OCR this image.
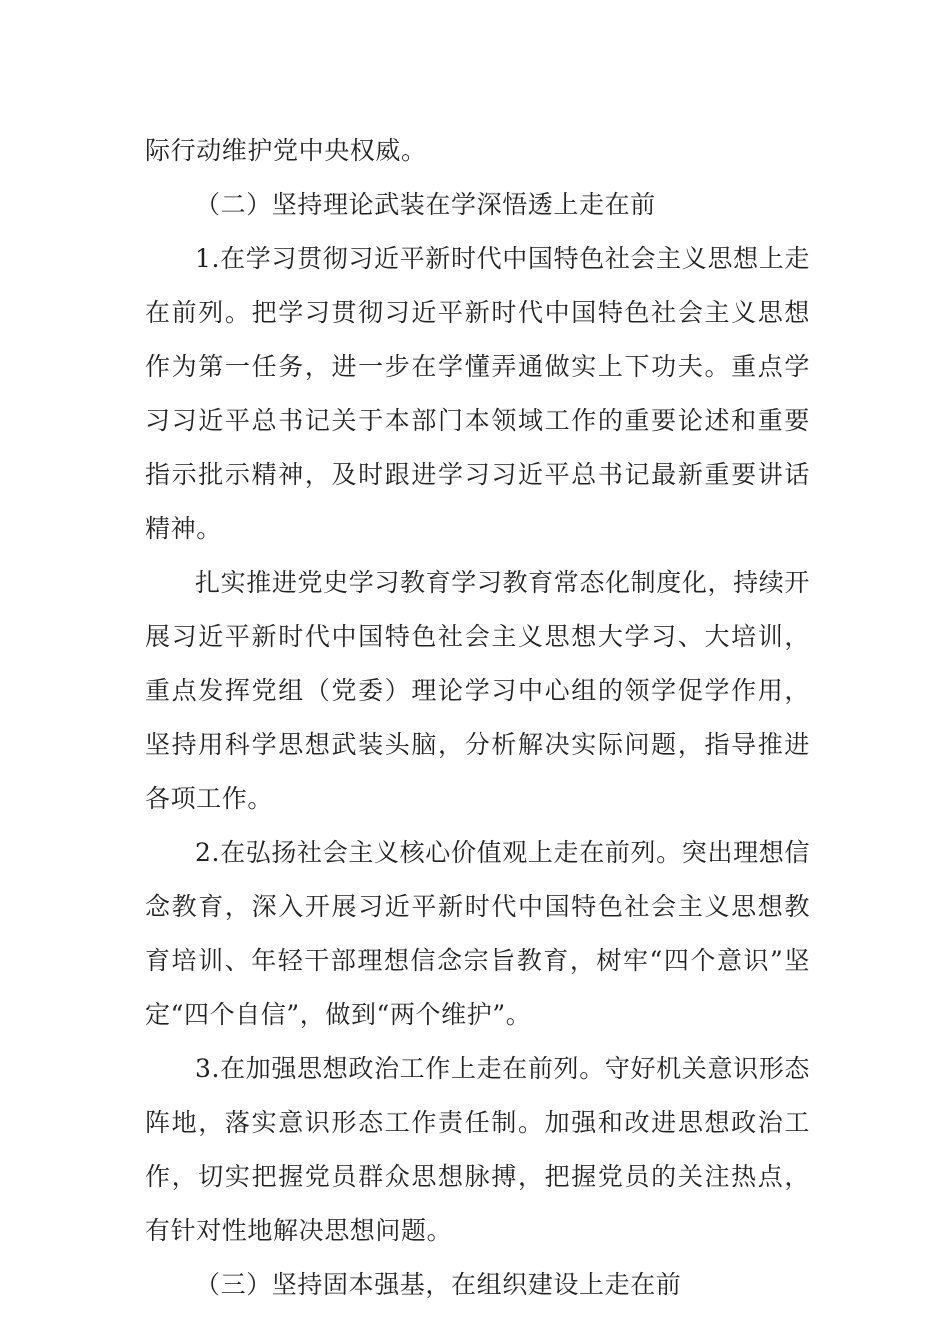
际行动维护党中央权威。

（二）坚持理论武装在学深悟透上走在前

1.在学习贯彻习近平新时代中国特色社会主义思想上走在前列。把学习贯彻习近平新时代中国特色社会主义思想作为第一任务，进一步在学懂弄通做实上下功夫。重点学习习近平总书记关于本部门本领域工作的重要论述和重要指示批示精神，及时跟进学习习近平总书记最新重要讲话精神。

扎实推进党史学习教育学习教育常态化制度化，持续开展习近平新时代中国特色社会主义思想大学习、大培训，重点发挥党组（党委）理论学习中心组的领学促学作用，坚持用科学思想武装头脑，分析解决实际问题，指导推进各项工作。

2.在弘扬社会主义核心价值观上走在前列。突出理想信念教育，深入开展习近平新时代中国特色社会主义思想教育培训、年轻干部理想信念宗旨教育，树牢“四个意识”坚定“四个自信”，做到“两个维护”。

3.在加强思想政治工作上走在前列。守好机关意识形态阵地，落实意识形态工作责任制。加强和改进思想政治工作，切实把握党员群众思想脉搏，把握党员的关注热点，有针对性地解决思想问题。

（三）坚持固本强基，在组织建设上走在前
